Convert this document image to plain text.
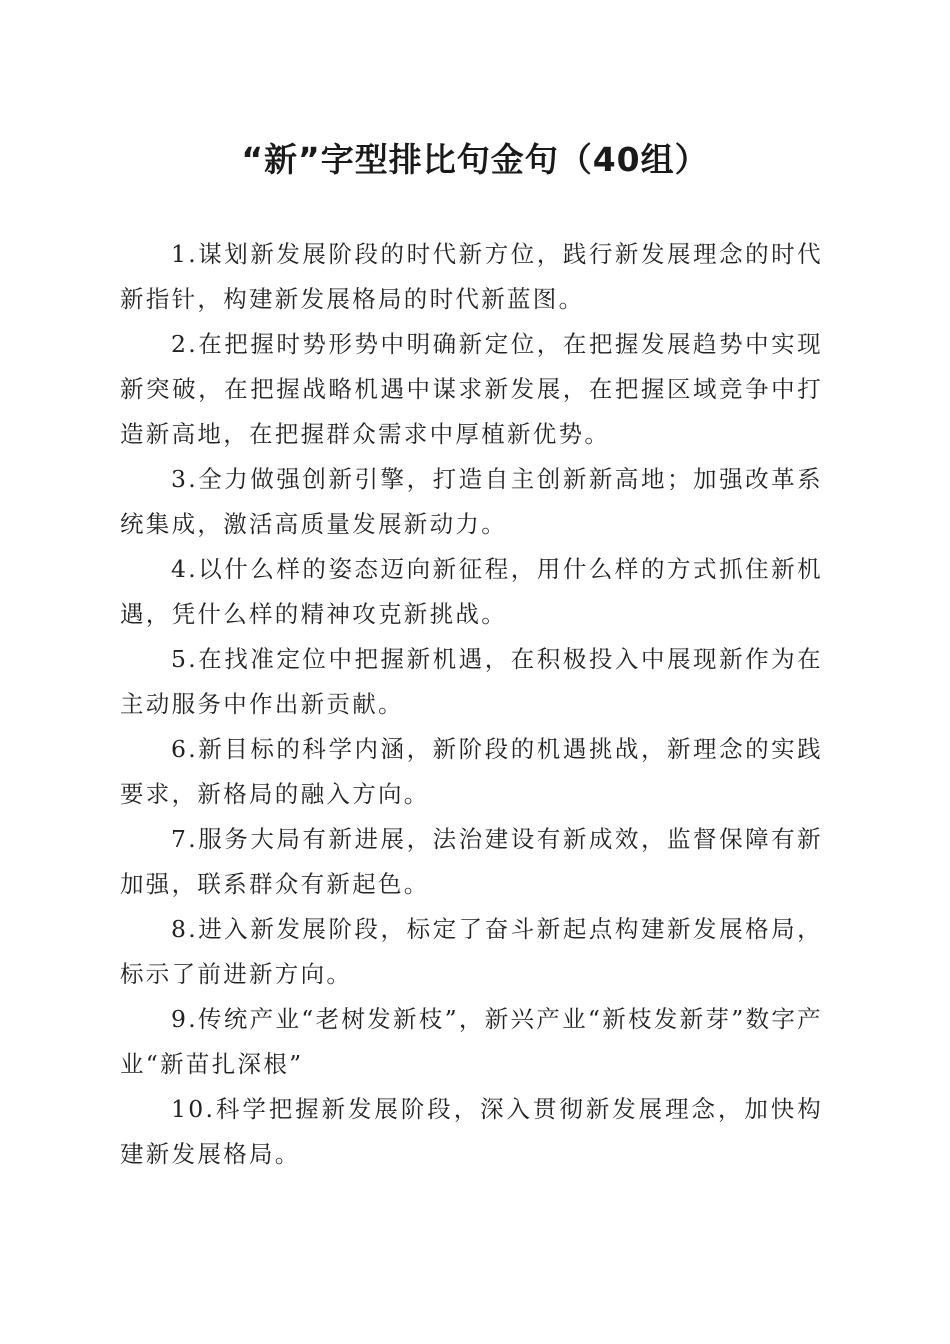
“新”字型排比句金句（40组）

1.谋划新发展阶段的时代新方位，践行新发展理念的时代新指针，构建新发展格局的时代新蓝图。

2.在把握时势形势中明确新定位，在把握发展趋势中实现新突破，在把握战略机遇中谋求新发展，在把握区域竞争中打造新高地，在把握群众需求中厚植新优势。

3.全力做强创新引擎，打造自主创新新高地；加强改革系统集成，激活高质量发展新动力。

4.以什么样的姿态迈向新征程，用什么样的方式抓住新机遇，凭什么样的精神攻克新挑战。

5.在找准定位中把握新机遇，在积极投入中展现新作为在主动服务中作出新贡献。

6.新目标的科学内涵，新阶段的机遇挑战，新理念的实践要求，新格局的融入方向。

7.服务大局有新进展，法治建设有新成效，监督保障有新加强，联系群众有新起色。

8.进入新发展阶段，标定了奋斗新起点构建新发展格局，标示了前进新方向。

9.传统产业“老树发新枝”，新兴产业“新枝发新芽”数字产业“新苗扎深根”

10.科学把握新发展阶段，深入贯彻新发展理念，加快构建新发展格局。
